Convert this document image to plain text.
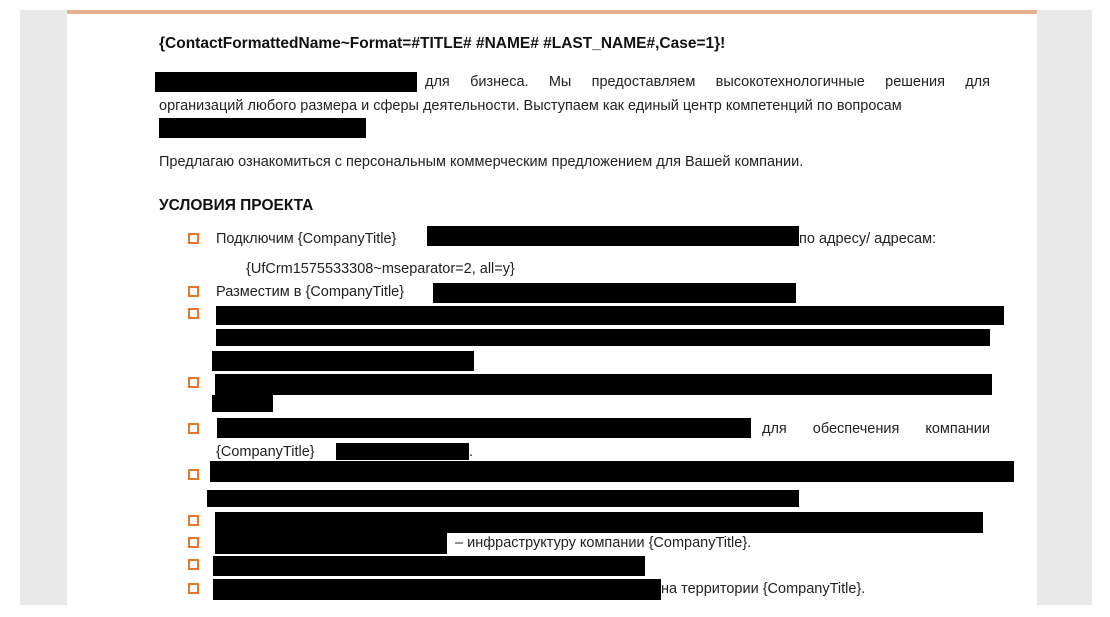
{ContactFormattedName~Format=#TITLE# #NAME# #LAST_NAME#,Case=1}!
для бизнеса. Мы предоставляем высокотехнологичные решения для
организаций любого размера и сферы деятельности. Выступаем как единый центр компетенций по вопросам
Предлагаю ознакомиться с персональным коммерческим предложением для Вашей компании.
УСЛОВИЯ ПРОЕКТА
Подключим {CompanyTitle}	по адресу/ адресам:
{UfCrm1575533308~mseparator=2, all=y}
Разместим в {CompanyTitle}
для обеспечения компании
{CompanyTitle}	.
– инфраструктуру компании {CompanyTitle}.
на территории {CompanyTitle}.
